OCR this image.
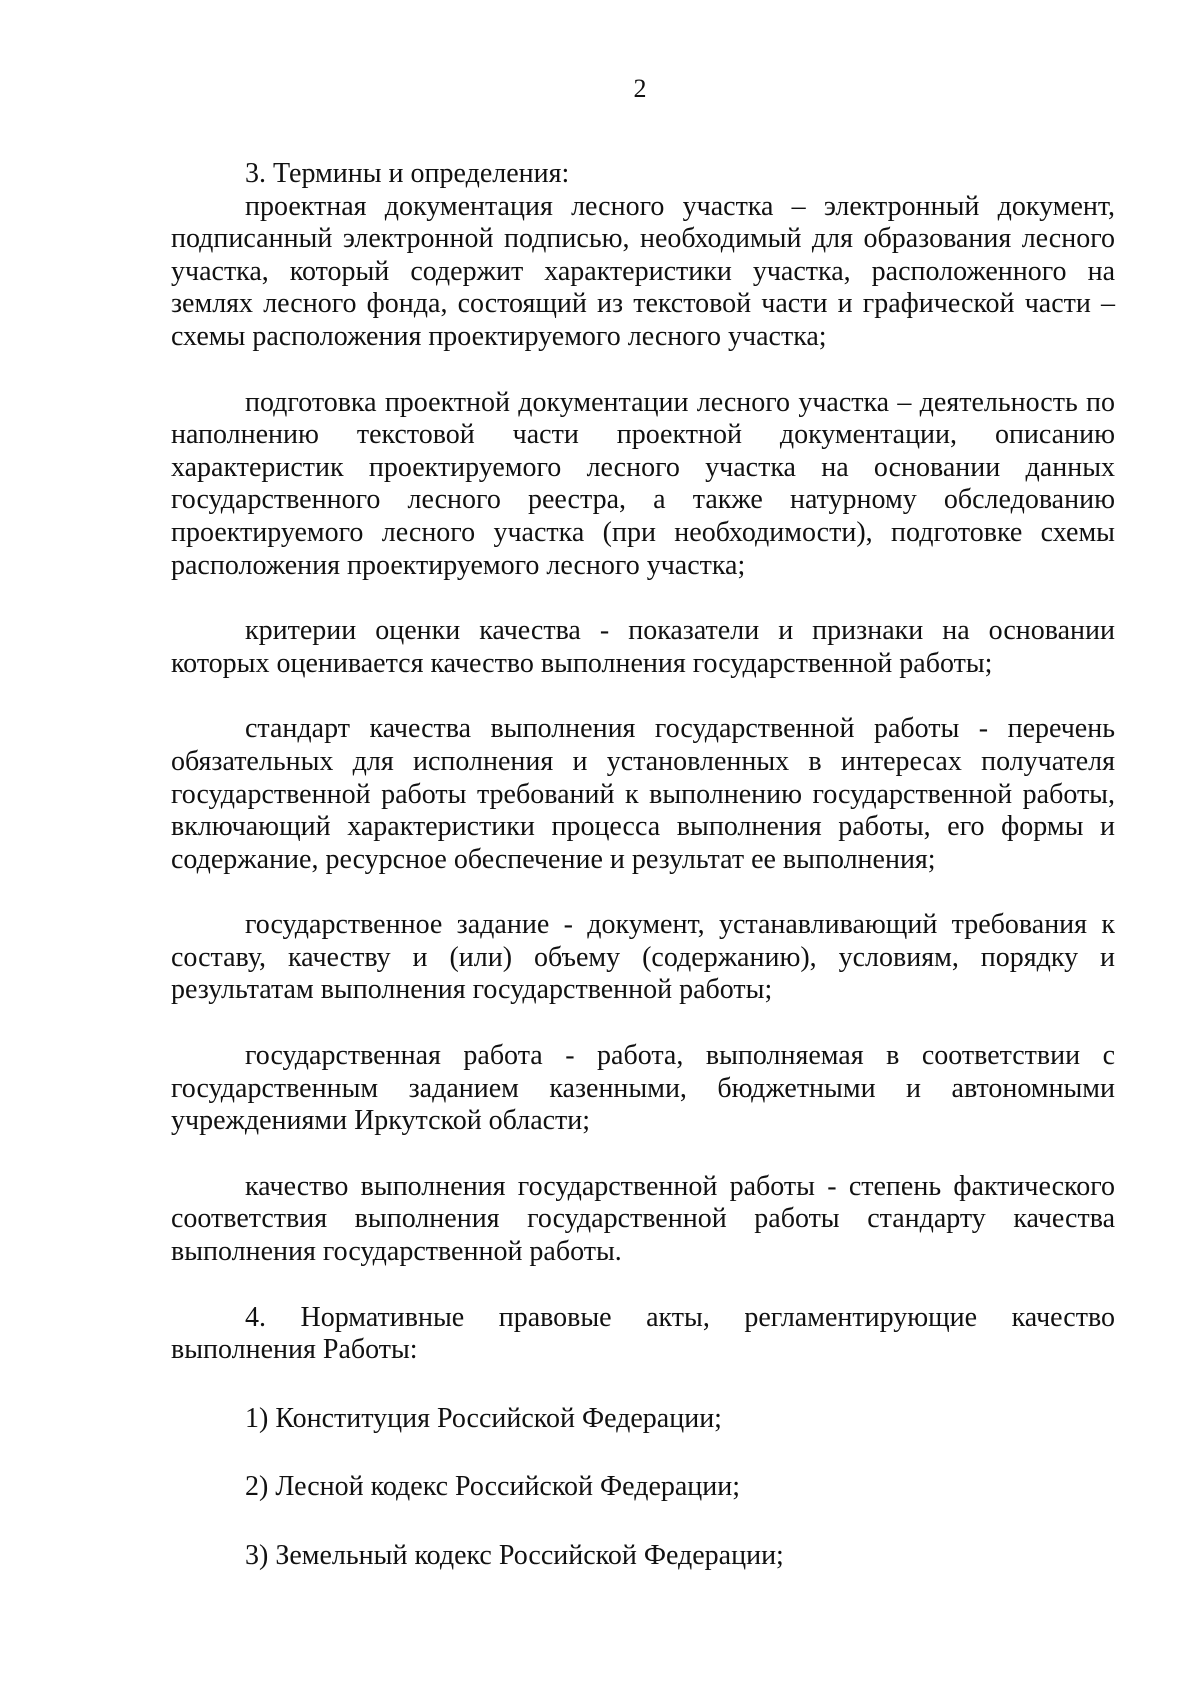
2

3. Термины и определения:

проектная документация лесного участка – электронный документ, подписанный электронной подписью, необходимый для образования лесного участка, который содержит характеристики участка, расположенного на землях лесного фонда, состоящий из текстовой части и графической части – схемы расположения проектируемого лесного участка;

подготовка проектной документации лесного участка – деятельность по наполнению текстовой части проектной документации, описанию характеристик проектируемого лесного участка на основании данных государственного лесного реестра, а также натурному обследованию проектируемого лесного участка (при необходимости), подготовке схемы расположения проектируемого лесного участка;

критерии оценки качества - показатели и признаки на основании которых оценивается качество выполнения государственной работы;

стандарт качества выполнения государственной работы - перечень обязательных для исполнения и установленных в интересах получателя государственной работы требований к выполнению государственной работы, включающий характеристики процесса выполнения работы, его формы и содержание, ресурсное обеспечение и результат ее выполнения;

государственное задание - документ, устанавливающий требования к составу, качеству и (или) объему (содержанию), условиям, порядку и результатам выполнения государственной работы;

государственная работа - работа, выполняемая в соответствии с государственным заданием казенными, бюджетными и автономными учреждениями Иркутской области;

качество выполнения государственной работы - степень фактического соответствия выполнения государственной работы стандарту качества выполнения государственной работы.

4. Нормативные правовые акты, регламентирующие качество выполнения Работы:

1) Конституция Российской Федерации;

2) Лесной кодекс Российской Федерации;

3) Земельный кодекс Российской Федерации;
